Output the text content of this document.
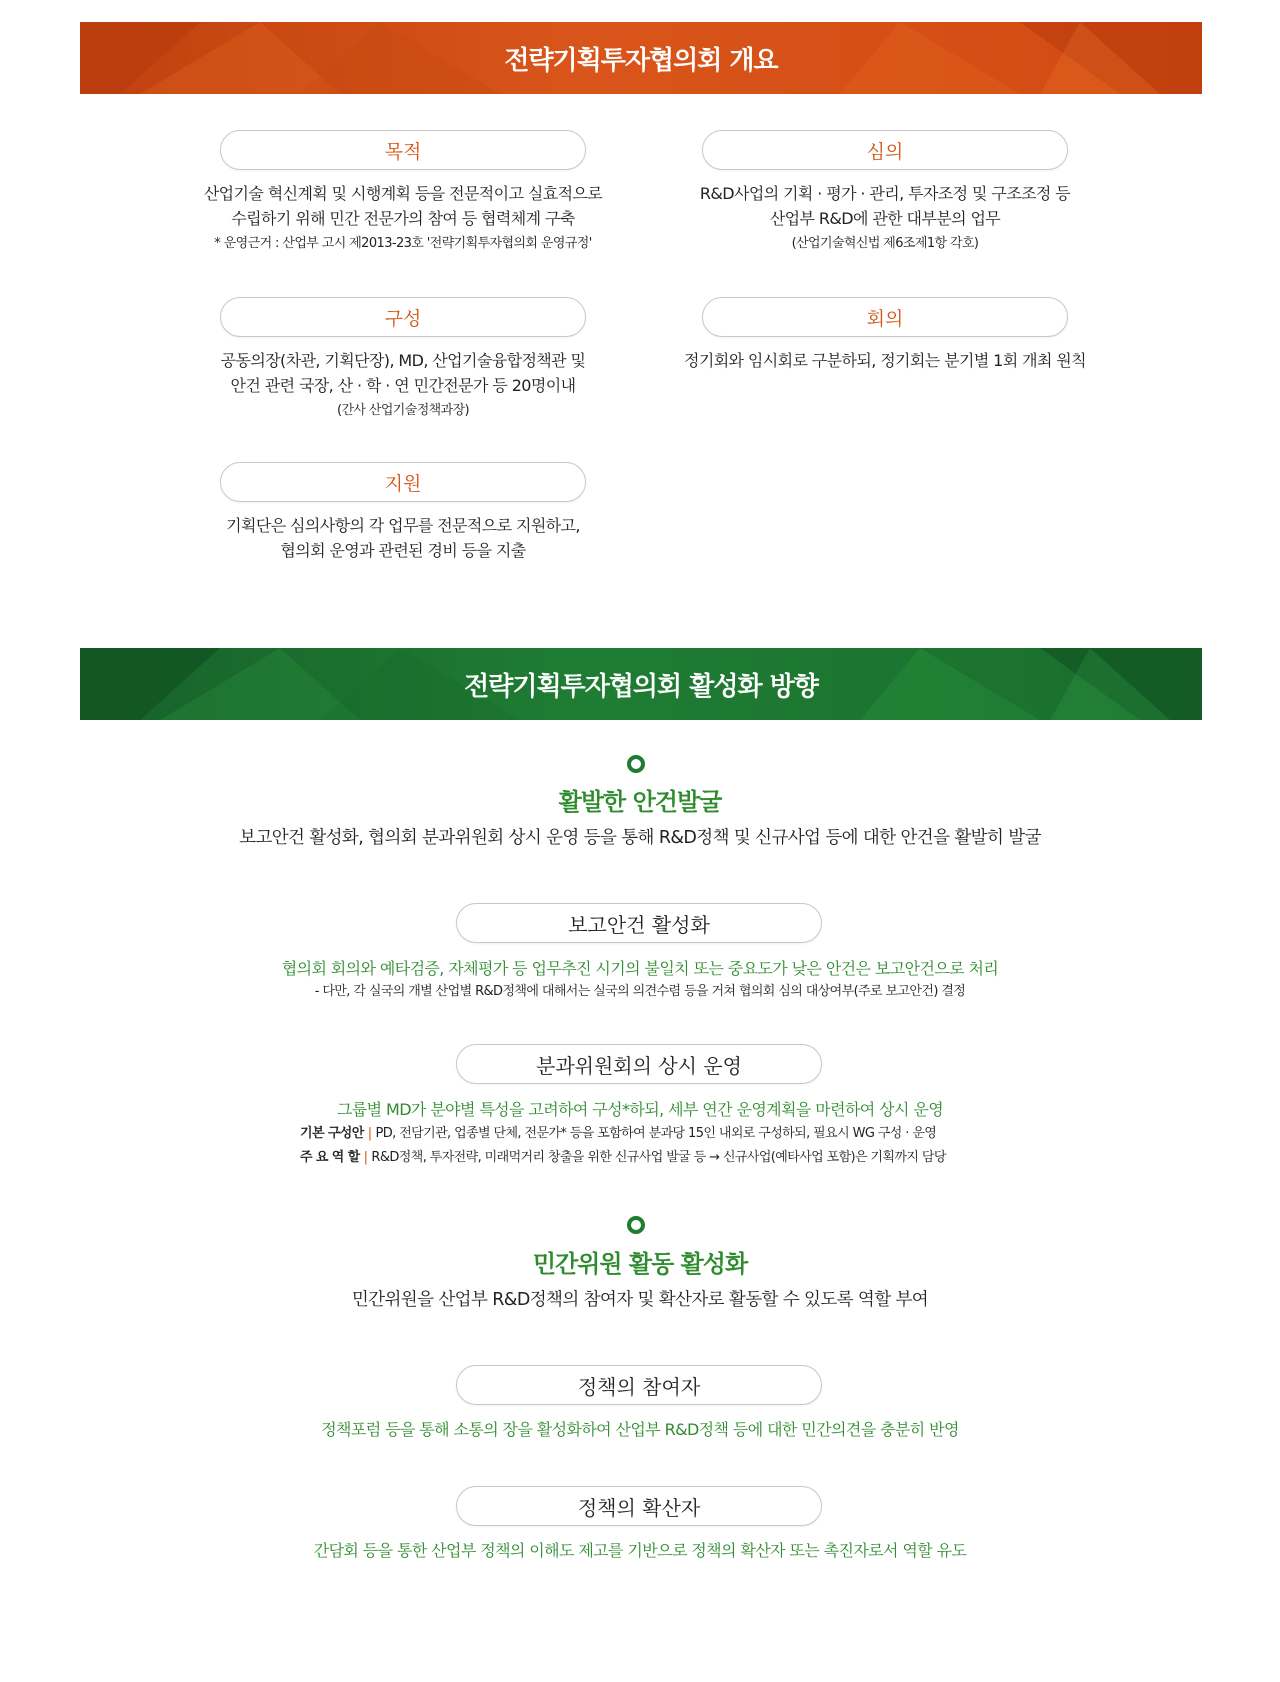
전략기획투자협의회 개요
목적
산업기술 혁신계획 및 시행계획 등을 전문적이고 실효적으로
수립하기 위해 민간 전문가의 참여 등 협력체계 구축
* 운영근거 : 산업부 고시 제2013-23호 '전략기획투자협의회 운영규정'
심의
R&D사업의 기획 · 평가 · 관리, 투자조정 및 구조조정 등
산업부 R&D에 관한 대부분의 업무
(산업기술혁신법 제6조제1항 각호)
구성
공동의장(차관, 기획단장), MD, 산업기술융합정책관 및
안건 관련 국장, 산 · 학 · 연 민간전문가 등 20명이내
(간사 산업기술정책과장)
회의
정기회와 임시회로 구분하되, 정기회는 분기별 1회 개최 원칙
지원
기획단은 심의사항의 각 업무를 전문적으로 지원하고,
협의회 운영과 관련된 경비 등을 지출
전략기획투자협의회 활성화 방향
활발한 안건발굴
보고안건 활성화, 협의회 분과위원회 상시 운영 등을 통해 R&D정책 및 신규사업 등에 대한 안건을 활발히 발굴
보고안건 활성화
협의회 회의와 예타검증, 자체평가 등 업무추진 시기의 불일치 또는 중요도가 낮은 안건은 보고안건으로 처리
- 다만, 각 실국의 개별 산업별 R&D정책에 대해서는 실국의 의견수렴 등을 거쳐 협의회 심의 대상여부(주로 보고안건) 결정
분과위원회의 상시 운영
그룹별 MD가 분야별 특성을 고려하여 구성*하되, 세부 연간 운영계획을 마련하여 상시 운영
기본 구성안 | PD, 전담기관, 업종별 단체, 전문가* 등을 포함하여 분과당 15인 내외로 구성하되, 필요시 WG 구성 · 운영
주 요 역 할 | R&D정책, 투자전략, 미래먹거리 창출을 위한 신규사업 발굴 등 → 신규사업(예타사업 포함)은 기획까지 담당
민간위원 활동 활성화
민간위원을 산업부 R&D정책의 참여자 및 확산자로 활동할 수 있도록 역할 부여
정책의 참여자
정책포럼 등을 통해 소통의 장을 활성화하여 산업부 R&D정책 등에 대한 민간의견을 충분히 반영
정책의 확산자
간담회 등을 통한 산업부 정책의 이해도 제고를 기반으로 정책의 확산자 또는 촉진자로서 역할 유도
